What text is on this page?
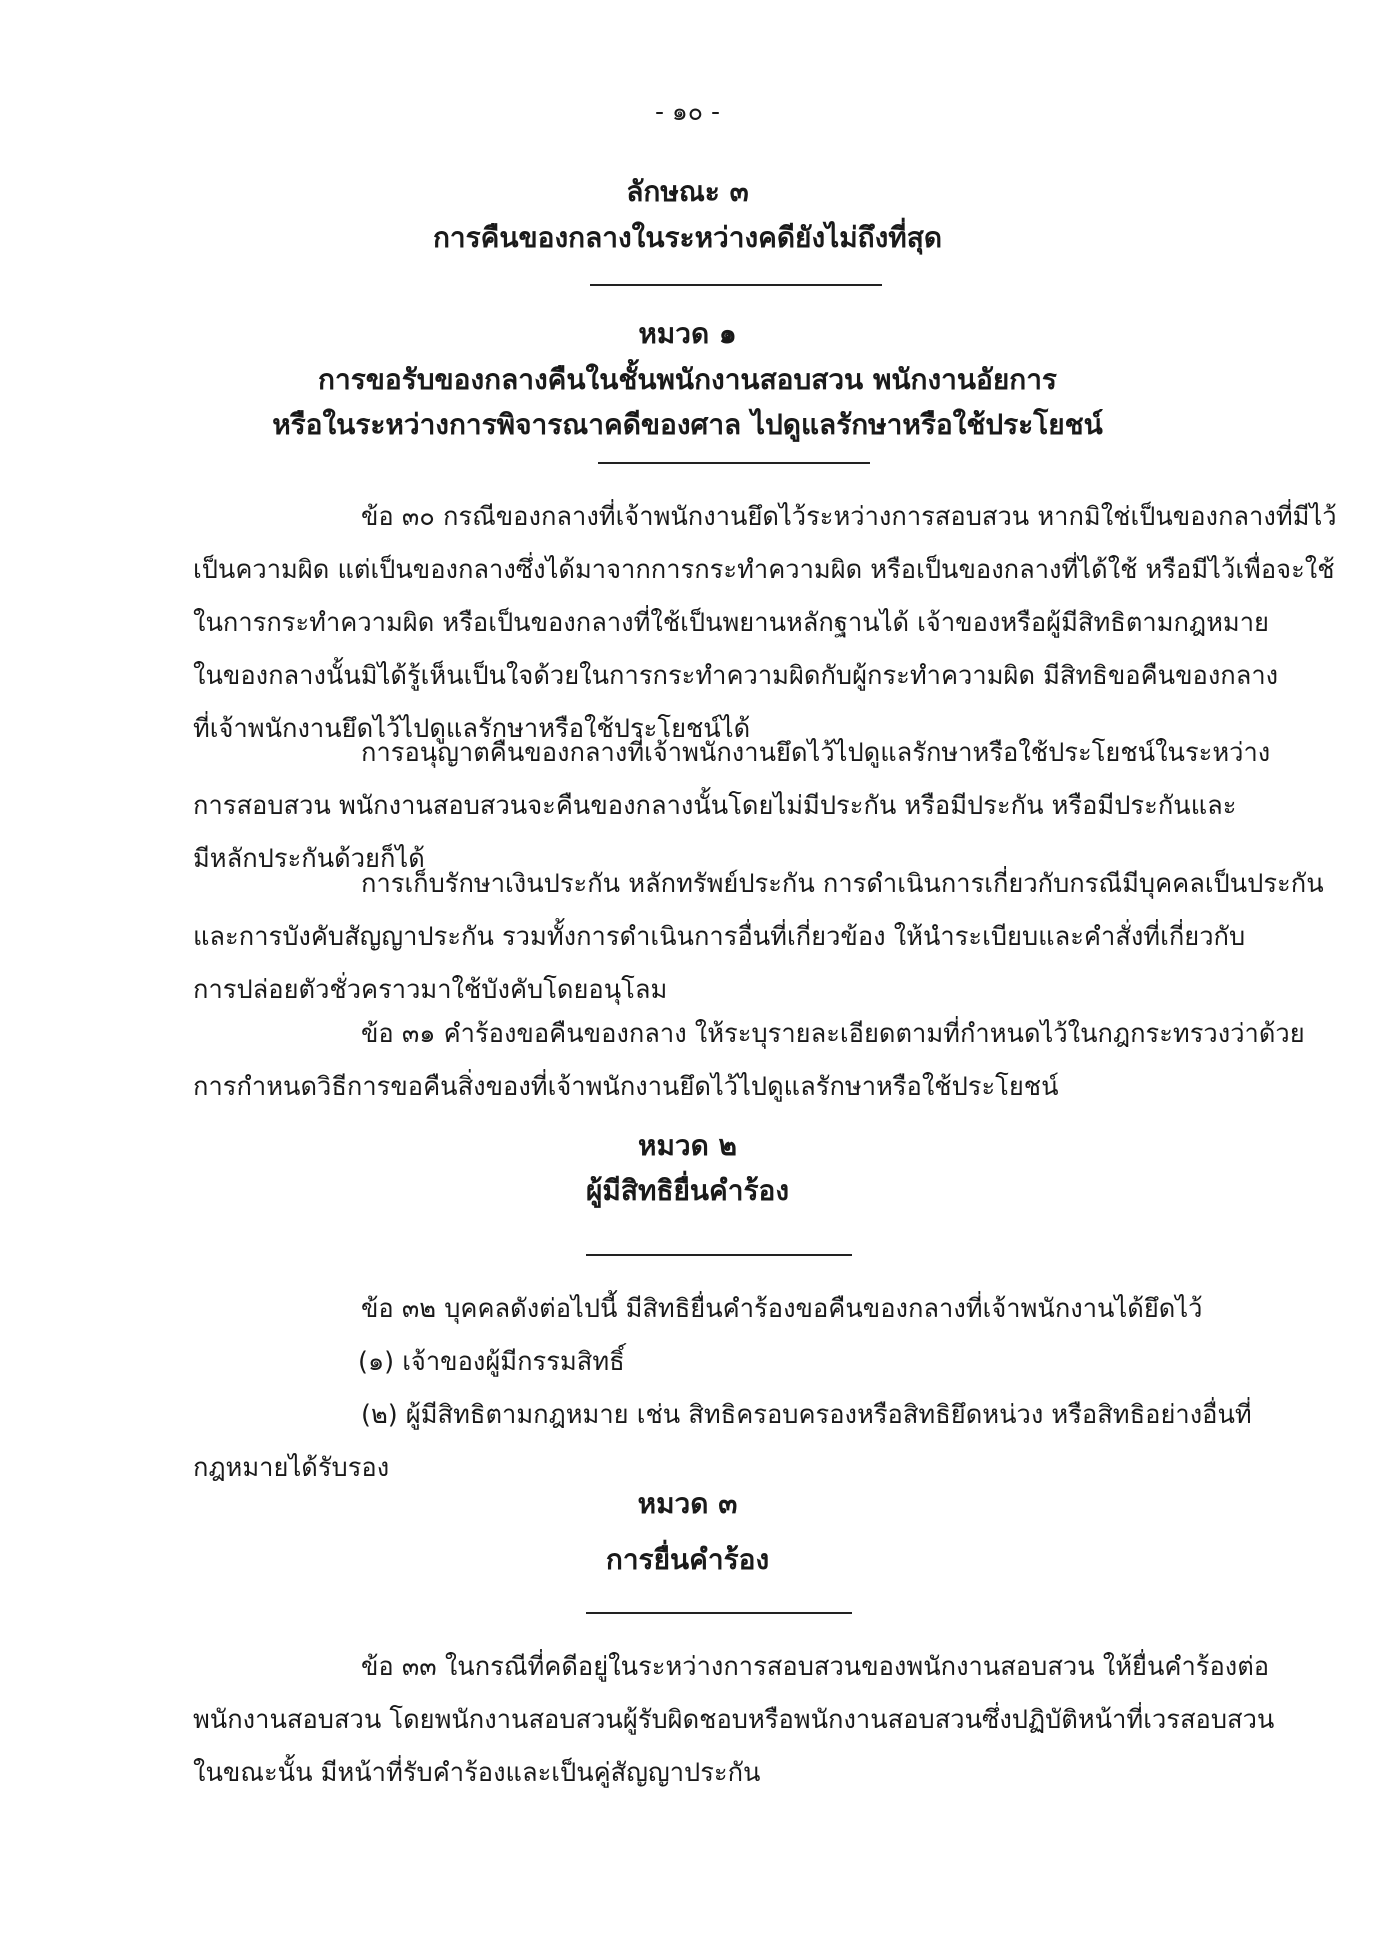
- ๑๐ -
ลักษณะ ๓
การคืนของกลางในระหว่างคดียังไม่ถึงที่สุด
หมวด ๑
การขอรับของกลางคืนในชั้นพนักงานสอบสวน พนักงานอัยการ
หรือในระหว่างการพิจารณาคดีของศาล ไปดูแลรักษาหรือใช้ประโยชน์
ข้อ ๓๐ กรณีของกลางที่เจ้าพนักงานยึดไว้ระหว่างการสอบสวน หากมิใช่เป็นของกลางที่มีไว้
เป็นความผิด แต่เป็นของกลางซึ่งได้มาจากการกระทำความผิด หรือเป็นของกลางที่ได้ใช้ หรือมีไว้เพื่อจะใช้
ในการกระทำความผิด หรือเป็นของกลางที่ใช้เป็นพยานหลักฐานได้ เจ้าของหรือผู้มีสิทธิตามกฎหมาย
ในของกลางนั้นมิได้รู้เห็นเป็นใจด้วยในการกระทำความผิดกับผู้กระทำความผิด มีสิทธิขอคืนของกลาง
ที่เจ้าพนักงานยึดไว้ไปดูแลรักษาหรือใช้ประโยชน์ได้
การอนุญาตคืนของกลางที่เจ้าพนักงานยึดไว้ไปดูแลรักษาหรือใช้ประโยชน์ในระหว่าง
การสอบสวน พนักงานสอบสวนจะคืนของกลางนั้นโดยไม่มีประกัน หรือมีประกัน หรือมีประกันและ
มีหลักประกันด้วยก็ได้
การเก็บรักษาเงินประกัน หลักทรัพย์ประกัน การดำเนินการเกี่ยวกับกรณีมีบุคคลเป็นประกัน
และการบังคับสัญญาประกัน รวมทั้งการดำเนินการอื่นที่เกี่ยวข้อง ให้นำระเบียบและคำสั่งที่เกี่ยวกับ
การปล่อยตัวชั่วคราวมาใช้บังคับโดยอนุโลม
ข้อ ๓๑ คำร้องขอคืนของกลาง ให้ระบุรายละเอียดตามที่กำหนดไว้ในกฎกระทรวงว่าด้วย
การกำหนดวิธีการขอคืนสิ่งของที่เจ้าพนักงานยึดไว้ไปดูแลรักษาหรือใช้ประโยชน์
หมวด ๒
ผู้มีสิทธิยื่นคำร้อง
ข้อ ๓๒ บุคคลดังต่อไปนี้ มีสิทธิยื่นคำร้องขอคืนของกลางที่เจ้าพนักงานได้ยึดไว้
(๑) เจ้าของผู้มีกรรมสิทธิ์
(๒) ผู้มีสิทธิตามกฎหมาย เช่น สิทธิครอบครองหรือสิทธิยึดหน่วง หรือสิทธิอย่างอื่นที่
กฎหมายได้รับรอง
หมวด ๓
การยื่นคำร้อง
ข้อ ๓๓ ในกรณีที่คดีอยู่ในระหว่างการสอบสวนของพนักงานสอบสวน ให้ยื่นคำร้องต่อ
พนักงานสอบสวน โดยพนักงานสอบสวนผู้รับผิดชอบหรือพนักงานสอบสวนซึ่งปฏิบัติหน้าที่เวรสอบสวน
ในขณะนั้น มีหน้าที่รับคำร้องและเป็นคู่สัญญาประกัน
